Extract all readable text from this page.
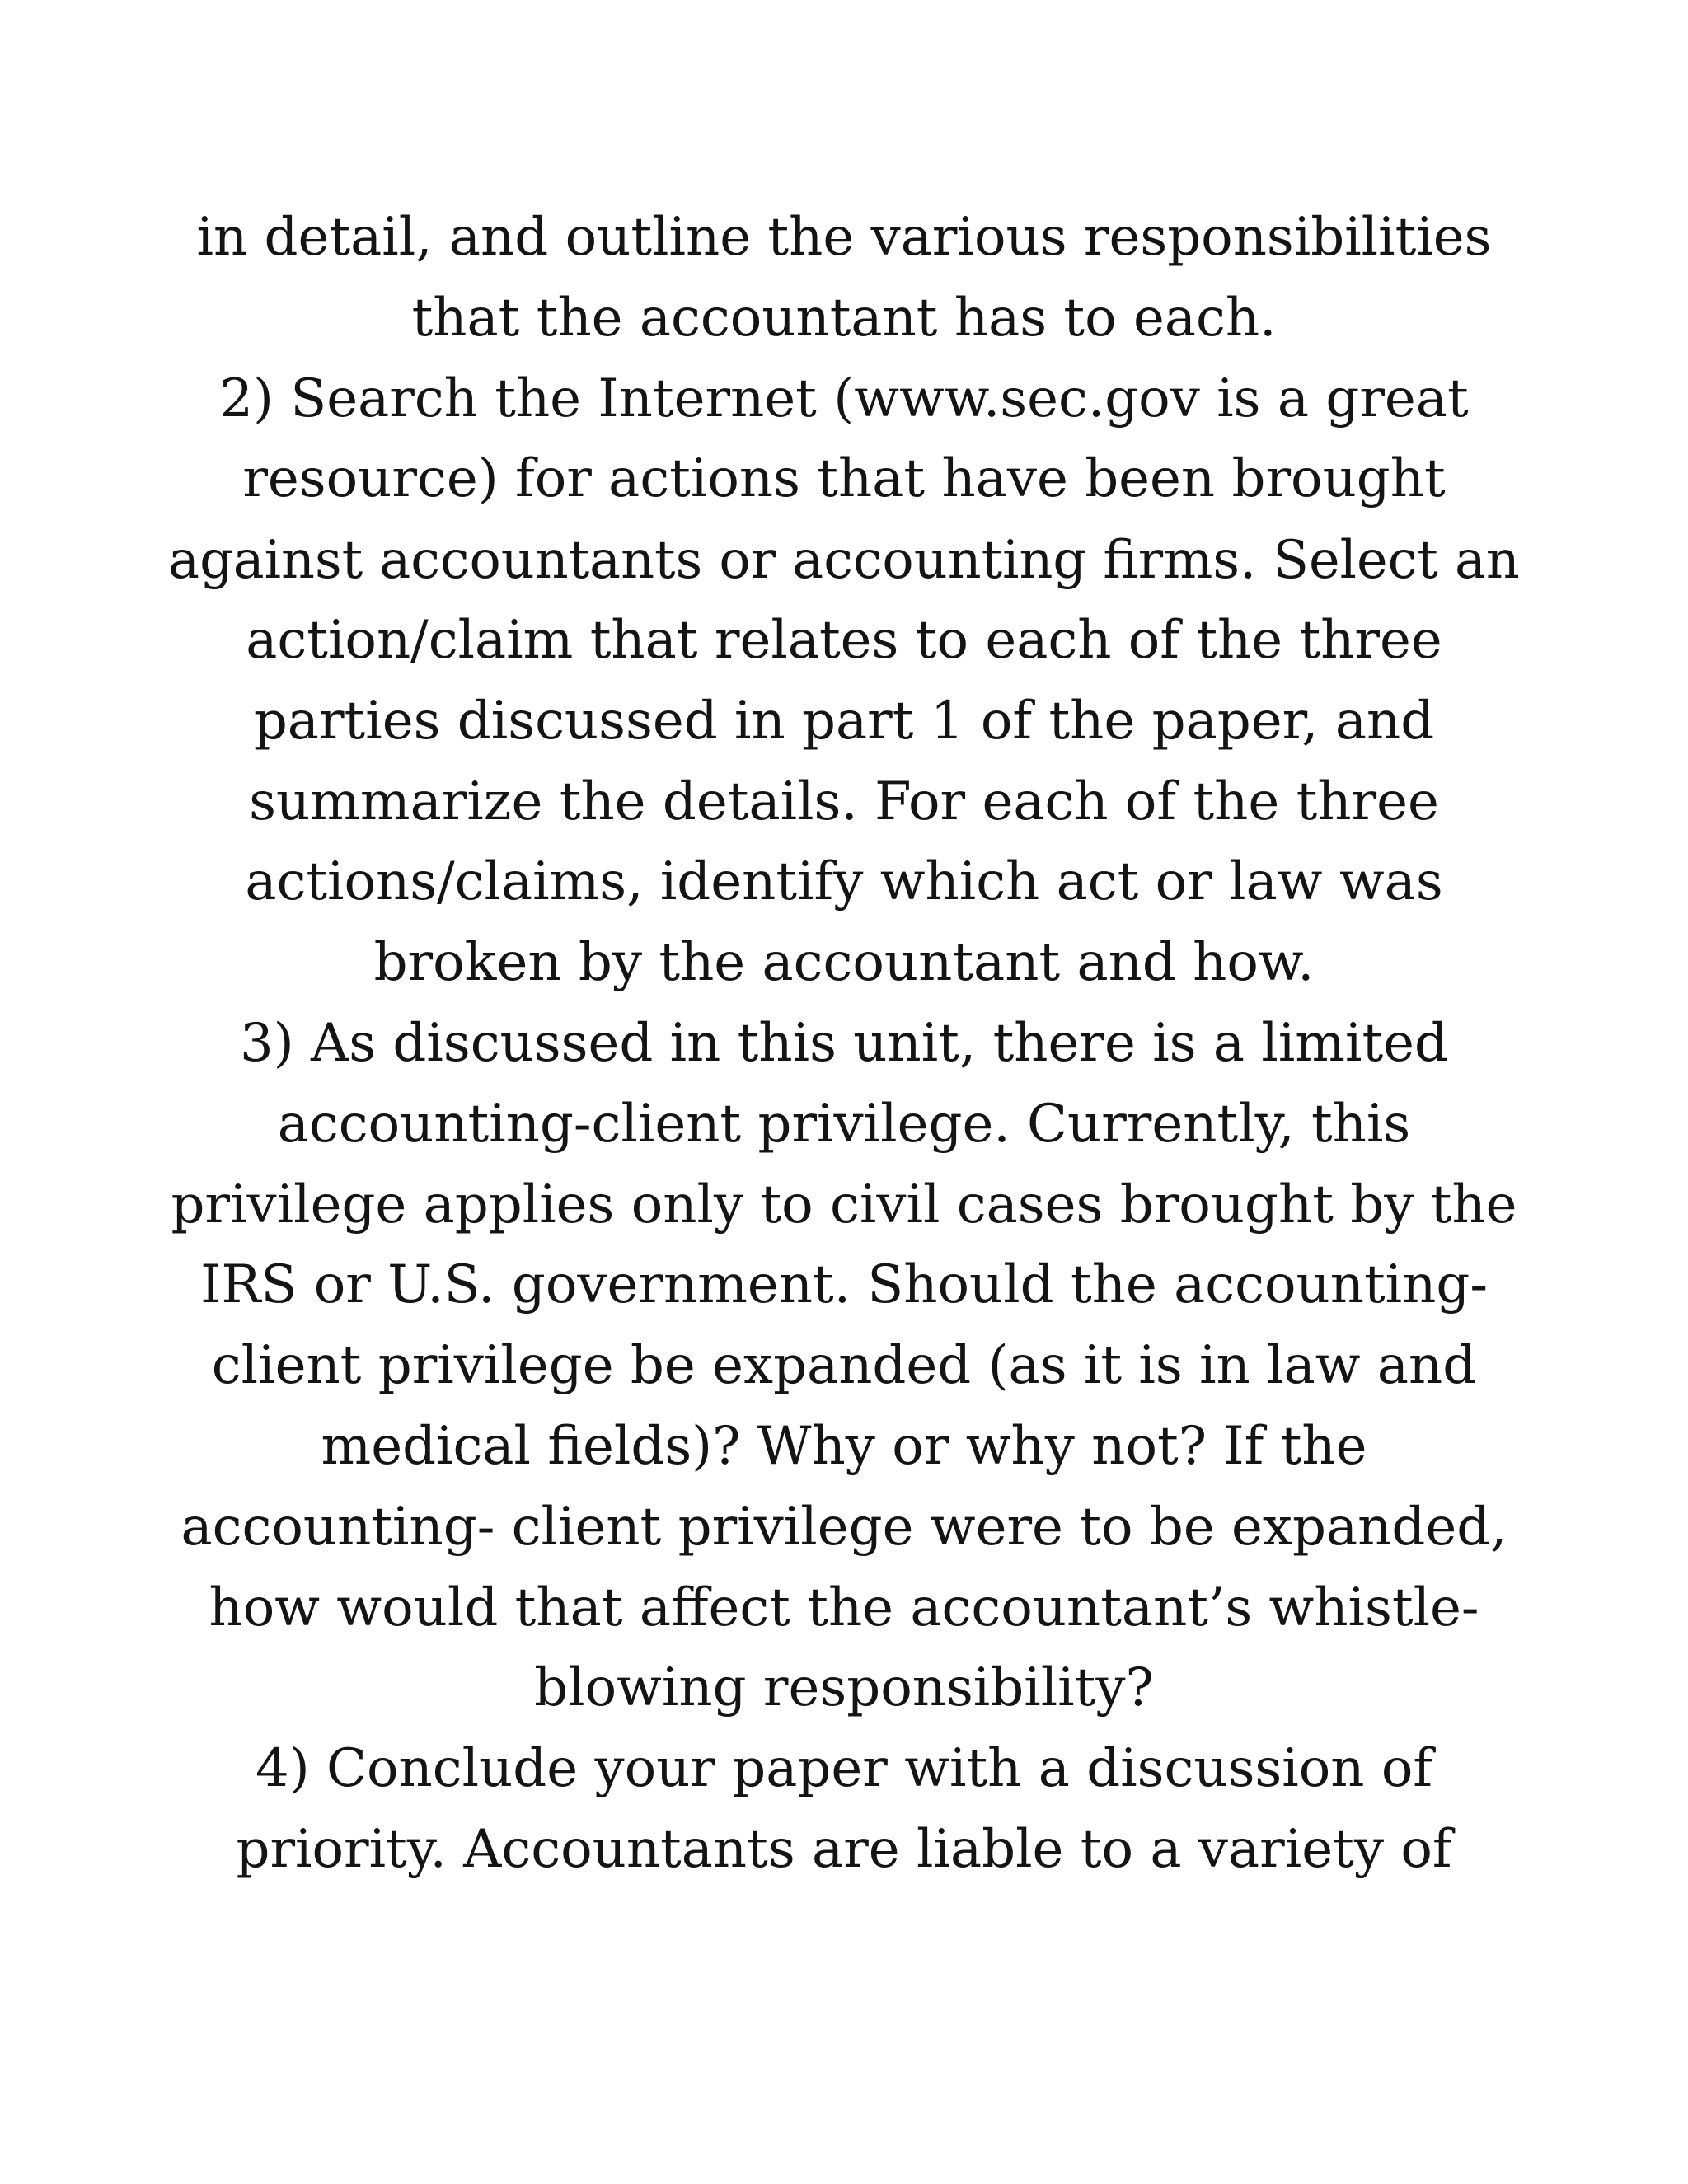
in detail, and outline the various responsibilities
that the accountant has to each.
2) Search the Internet (www.sec.gov is a great
resource) for actions that have been brought
against accountants or accounting firms. Select an
action/claim that relates to each of the three
parties discussed in part 1 of the paper, and
summarize the details. For each of the three
actions/claims, identify which act or law was
broken by the accountant and how.
3) As discussed in this unit, there is a limited
accounting-client privilege. Currently, this
privilege applies only to civil cases brought by the
IRS or U.S. government. Should the accounting-
client privilege be expanded (as it is in law and
medical fields)? Why or why not? If the
accounting- client privilege were to be expanded,
how would that affect the accountant’s whistle-
blowing responsibility?
4) Conclude your paper with a discussion of
priority. Accountants are liable to a variety of
